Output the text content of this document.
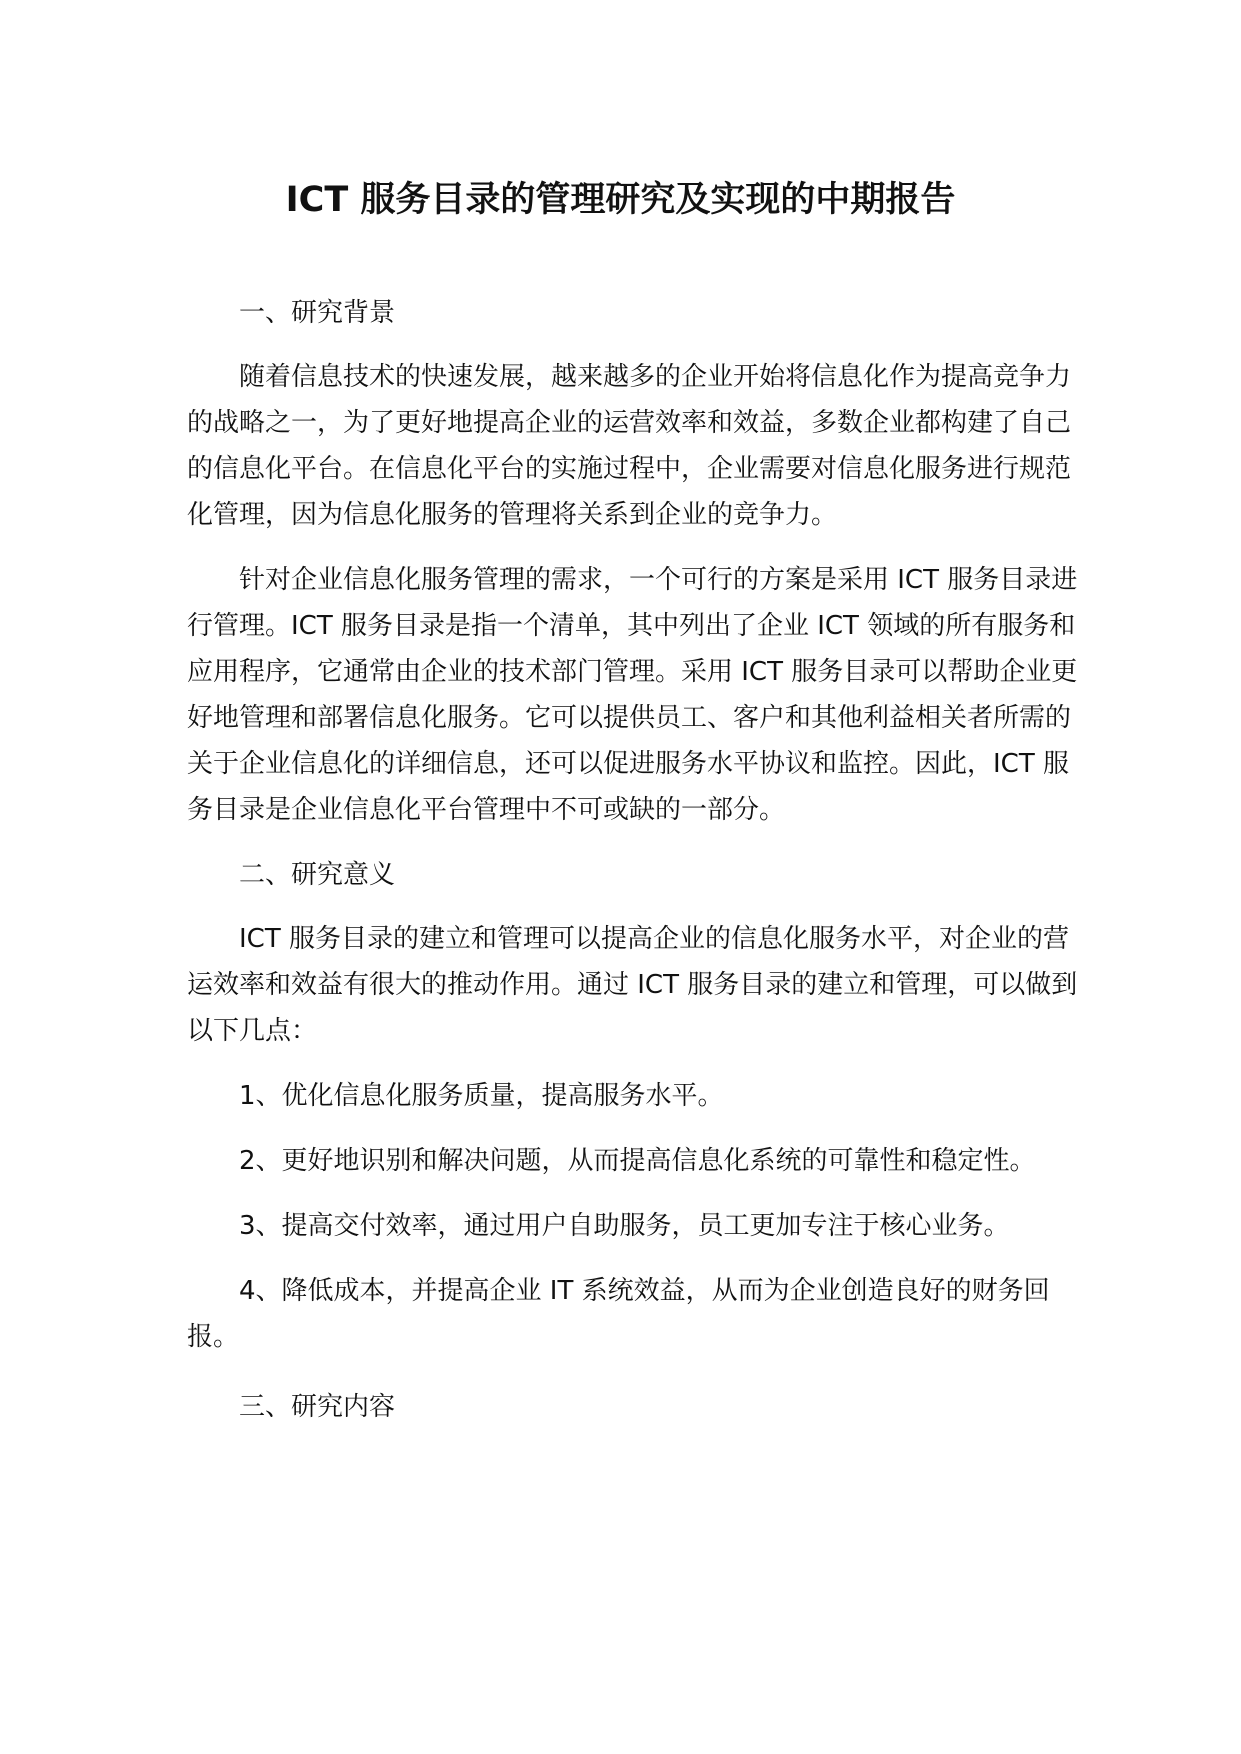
ICT 服务目录的管理研究及实现的中期报告

一、研究背景

随着信息技术的快速发展，越来越多的企业开始将信息化作为提高竞争力的战略之一，为了更好地提高企业的运营效率和效益，多数企业都构建了自己的信息化平台。在信息化平台的实施过程中，企业需要对信息化服务进行规范化管理，因为信息化服务的管理将关系到企业的竞争力。

针对企业信息化服务管理的需求，一个可行的方案是采用 ICT 服务目录进行管理。ICT 服务目录是指一个清单，其中列出了企业 ICT 领域的所有服务和应用程序，它通常由企业的技术部门管理。采用 ICT 服务目录可以帮助企业更好地管理和部署信息化服务。它可以提供员工、客户和其他利益相关者所需的关于企业信息化的详细信息，还可以促进服务水平协议和监控。因此，ICT 服务目录是企业信息化平台管理中不可或缺的一部分。

二、研究意义

ICT 服务目录的建立和管理可以提高企业的信息化服务水平，对企业的营运效率和效益有很大的推动作用。通过 ICT 服务目录的建立和管理，可以做到以下几点：

1、优化信息化服务质量，提高服务水平。

2、更好地识别和解决问题，从而提高信息化系统的可靠性和稳定性。

3、提高交付效率，通过用户自助服务，员工更加专注于核心业务。

4、降低成本，并提高企业 IT 系统效益，从而为企业创造良好的财务回报。

三、研究内容
